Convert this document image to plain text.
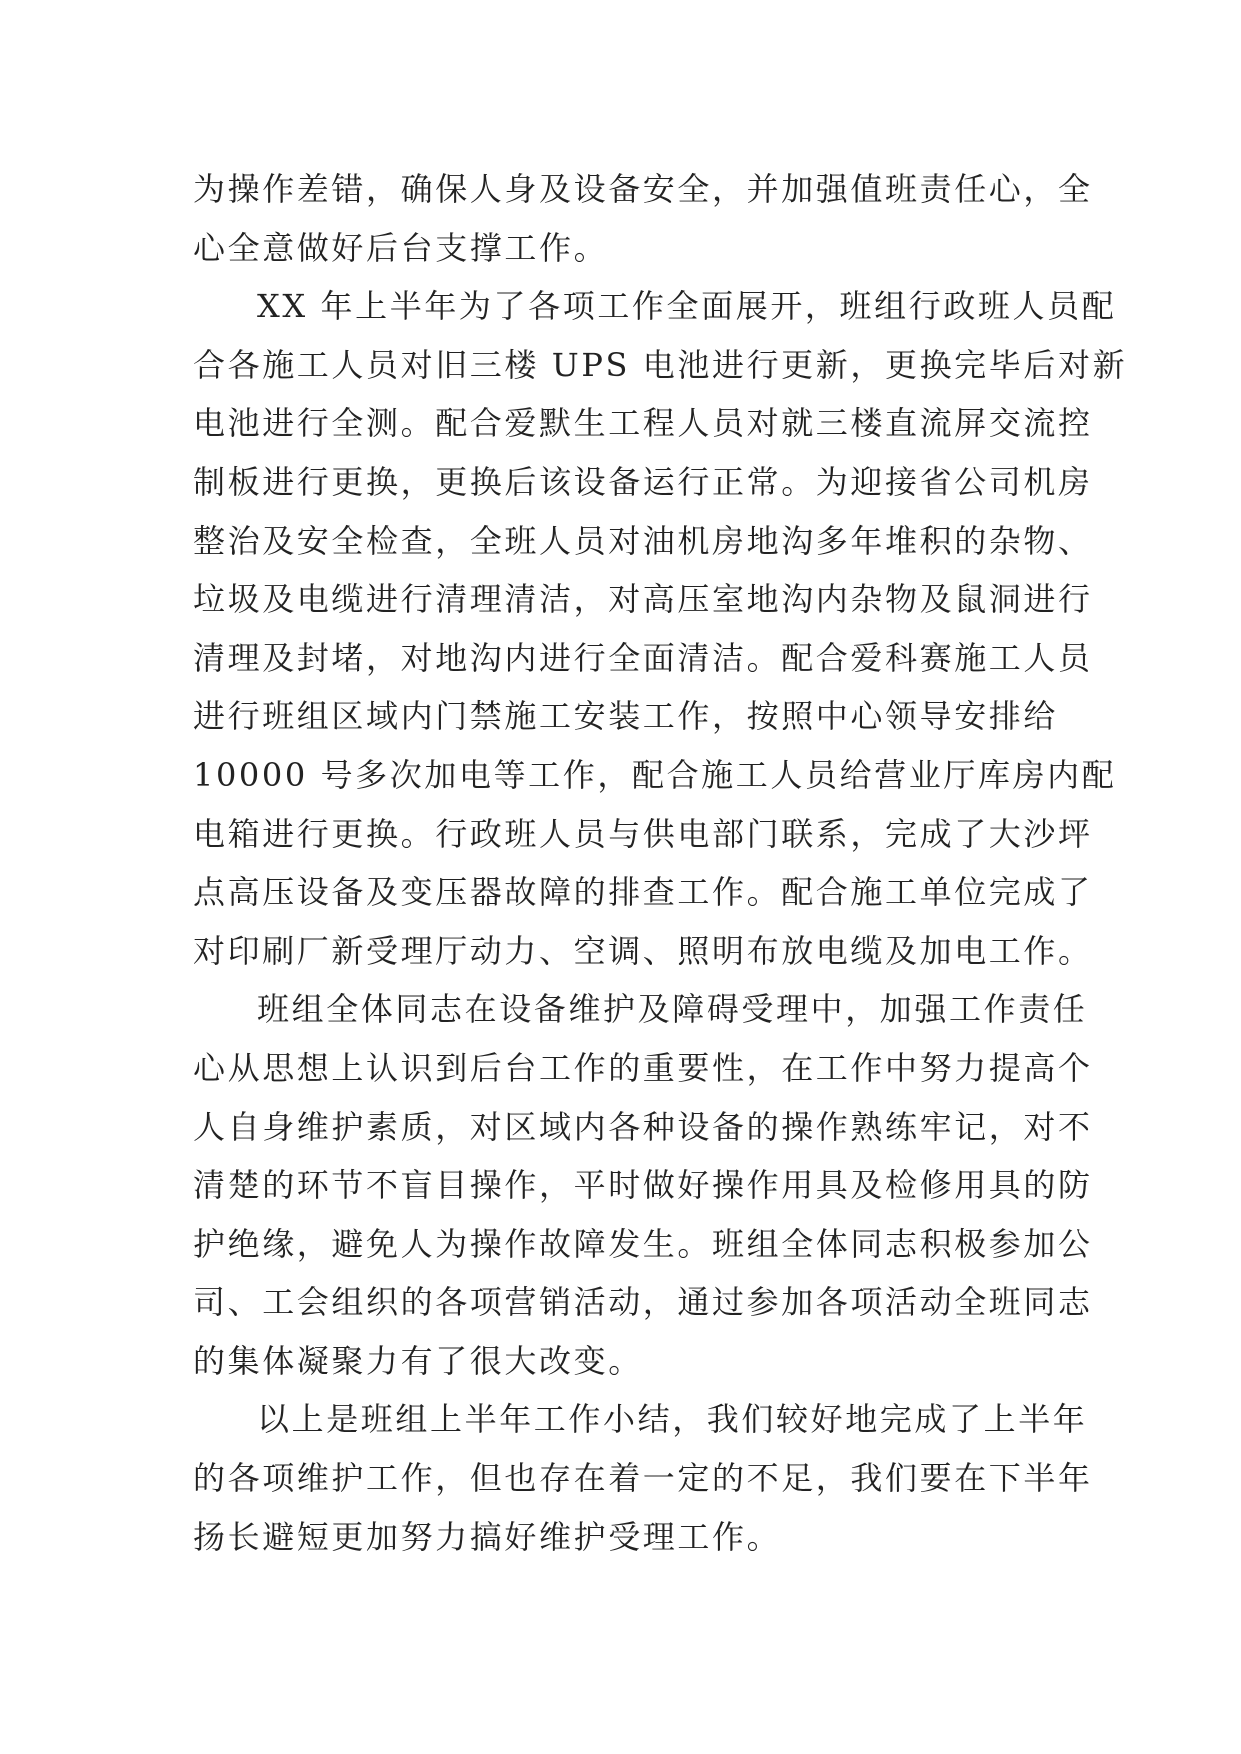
为操作差错，确保人身及设备安全，并加强值班责任心，全
心全意做好后台支撑工作。
XX 年上半年为了各项工作全面展开，班组行政班人员配
合各施工人员对旧三楼 UPS 电池进行更新，更换完毕后对新
电池进行全测。配合爱默生工程人员对就三楼直流屏交流控
制板进行更换，更换后该设备运行正常。为迎接省公司机房
整治及安全检查，全班人员对油机房地沟多年堆积的杂物、
垃圾及电缆进行清理清洁，对高压室地沟内杂物及鼠洞进行
清理及封堵，对地沟内进行全面清洁。配合爱科赛施工人员
进行班组区域内门禁施工安装工作，按照中心领导安排给
10000 号多次加电等工作，配合施工人员给营业厅库房内配
电箱进行更换。行政班人员与供电部门联系，完成了大沙坪
点高压设备及变压器故障的排查工作。配合施工单位完成了
对印刷厂新受理厅动力、空调、照明布放电缆及加电工作。
班组全体同志在设备维护及障碍受理中，加强工作责任
心从思想上认识到后台工作的重要性，在工作中努力提高个
人自身维护素质，对区域内各种设备的操作熟练牢记，对不
清楚的环节不盲目操作，平时做好操作用具及检修用具的防
护绝缘，避免人为操作故障发生。班组全体同志积极参加公
司、工会组织的各项营销活动，通过参加各项活动全班同志
的集体凝聚力有了很大改变。
以上是班组上半年工作小结，我们较好地完成了上半年
的各项维护工作，但也存在着一定的不足，我们要在下半年
扬长避短更加努力搞好维护受理工作。
